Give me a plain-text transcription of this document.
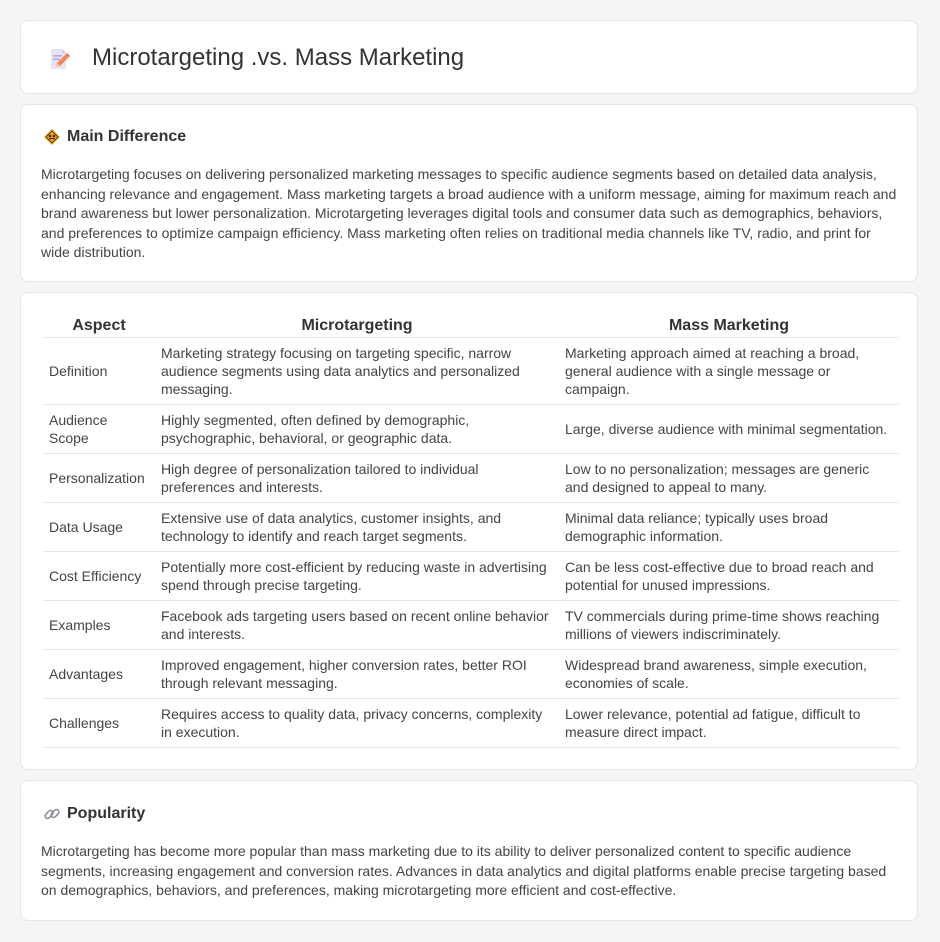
Microtargeting .vs. Mass Marketing
Main Difference
Microtargeting focuses on delivering personalized marketing messages to specific audience segments based on detailed data analysis, enhancing relevance and engagement. Mass marketing targets a broad audience with a uniform message, aiming for maximum reach and brand awareness but lower personalization. Microtargeting leverages digital tools and consumer data such as demographics, behaviors, and preferences to optimize campaign efficiency. Mass marketing often relies on traditional media channels like TV, radio, and print for wide distribution.
Aspect	Microtargeting	Mass Marketing
Definition	Marketing strategy focusing on targeting specific, narrow audience segments using data analytics and personalized messaging.	Marketing approach aimed at reaching a broad, general audience with a single message or campaign.
Audience Scope	Highly segmented, often defined by demographic, psychographic, behavioral, or geographic data.	Large, diverse audience with minimal segmentation.
Personalization	High degree of personalization tailored to individual preferences and interests.	Low to no personalization; messages are generic and designed to appeal to many.
Data Usage	Extensive use of data analytics, customer insights, and technology to identify and reach target segments.	Minimal data reliance; typically uses broad demographic information.
Cost Efficiency	Potentially more cost-efficient by reducing waste in advertising spend through precise targeting.	Can be less cost-effective due to broad reach and potential for unused impressions.
Examples	Facebook ads targeting users based on recent online behavior and interests.	TV commercials during prime-time shows reaching millions of viewers indiscriminately.
Advantages	Improved engagement, higher conversion rates, better ROI through relevant messaging.	Widespread brand awareness, simple execution, economies of scale.
Challenges	Requires access to quality data, privacy concerns, complexity in execution.	Lower relevance, potential ad fatigue, difficult to measure direct impact.
Popularity
Microtargeting has become more popular than mass marketing due to its ability to deliver personalized content to specific audience segments, increasing engagement and conversion rates. Advances in data analytics and digital platforms enable precise targeting based on demographics, behaviors, and preferences, making microtargeting more efficient and cost-effective.
